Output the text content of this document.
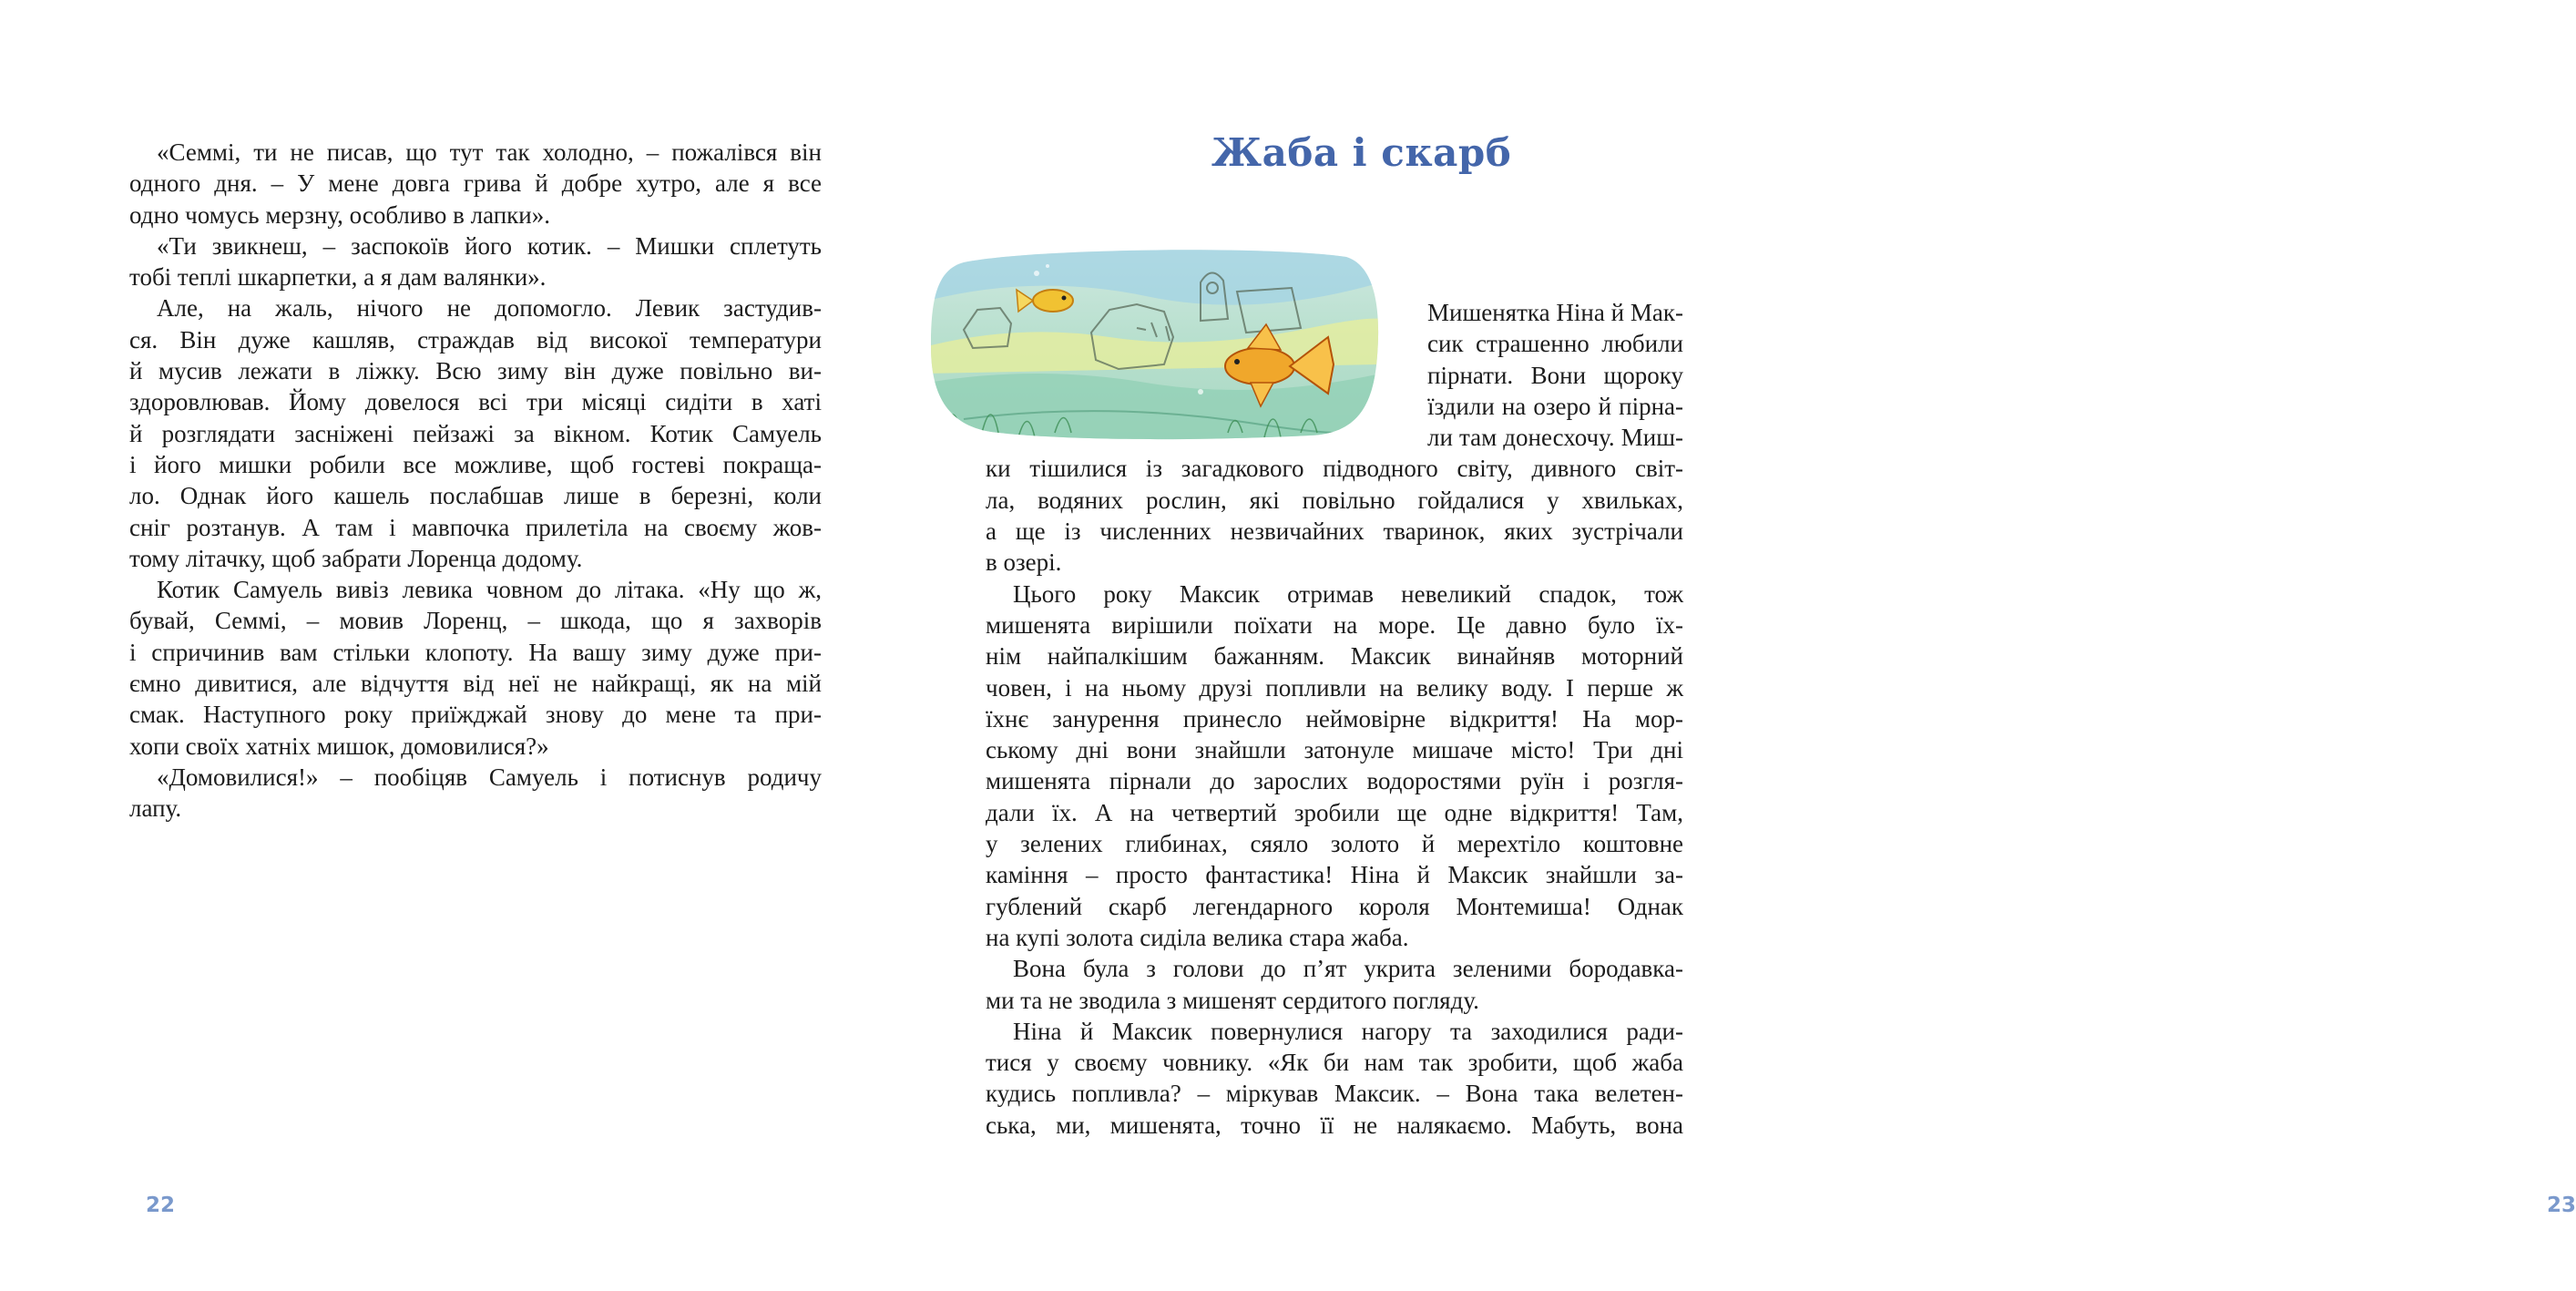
«Семмі, ти не писав, що тут так холодно, – пожалівся він
одного дня. – У мене довга грива й добре хутро, але я все
одно чомусь мерзну, особливо в лапки».
«Ти звикнеш, – заспокоїв його котик. – Мишки сплетуть
тобі теплі шкарпетки, а я дам валянки».
Але, на жаль, нічого не допомогло. Левик застудив-
ся. Він дуже кашляв, страждав від високої температури
й мусив лежати в ліжку. Всю зиму він дуже повільно ви-
здоровлював. Йому довелося всі три місяці сидіти в хаті
й розглядати засніжені пейзажі за вікном. Котик Самуель
і його мишки робили все можливе, щоб гостеві покраща-
ло. Однак його кашель послабшав лише в березні, коли
сніг розтанув. А там і мавпочка прилетіла на своєму жов-
тому літачку, щоб забрати Лоренца додому.
Котик Самуель вивіз левика човном до літака. «Ну що ж,
бувай, Семмі, – мовив Лоренц, – шкода, що я захворів
і спричинив вам стільки клопоту. На вашу зиму дуже при-
ємно дивитися, але відчуття від неї не найкращі, як на мій
смак. Наступного року приїжджай знову до мене та при-
хопи своїх хатніх мишок, домовилися?»
«Домовилися!» – пообіцяв Самуель і потиснув родичу
лапу.
22
Мишенятка Ніна й Мак-
сик страшенно любили
пірнати. Вони щороку
їздили на озеро й пірна-
ли там донесхочу. Миш-
ки тішилися із загадкового підводного світу, дивного світ-
ла, водяних рослин, які повільно гойдалися у хвильках,
а ще із численних незвичайних тваринок, яких зустрічали
в озері.
Цього року Максик отримав невеликий спадок, тож
мишенята вирішили поїхати на море. Це давно було їх-
нім найпалкішим бажанням. Максик винайняв моторний
човен, і на ньому друзі попливли на велику воду. І перше ж
їхнє занурення принесло неймовірне відкриття! На мор-
ському дні вони знайшли затонуле мишаче місто! Три дні
мишенята пірнали до зарослих водоростями руїн і розгля-
дали їх. А на четвертий зробили ще одне відкриття! Там,
у зелених глибинах, сяяло золото й мерехтіло коштовне
каміння – просто фантастика! Ніна й Максик знайшли за-
гублений скарб легендарного короля Монтемиша! Однак
на купі золота сиділа велика стара жаба.
Вона була з голови до п’ят укрита зеленими бородавка-
ми та не зводила з мишенят сердитого погляду.
Ніна й Максик повернулися нагору та заходилися ради-
тися у своєму човнику. «Як би нам так зробити, щоб жаба
кудись попливла? – міркував Максик. – Вона така велетен-
ська, ми, мишенята, точно її не налякаємо. Мабуть, вона
23
Жаба і скарб
